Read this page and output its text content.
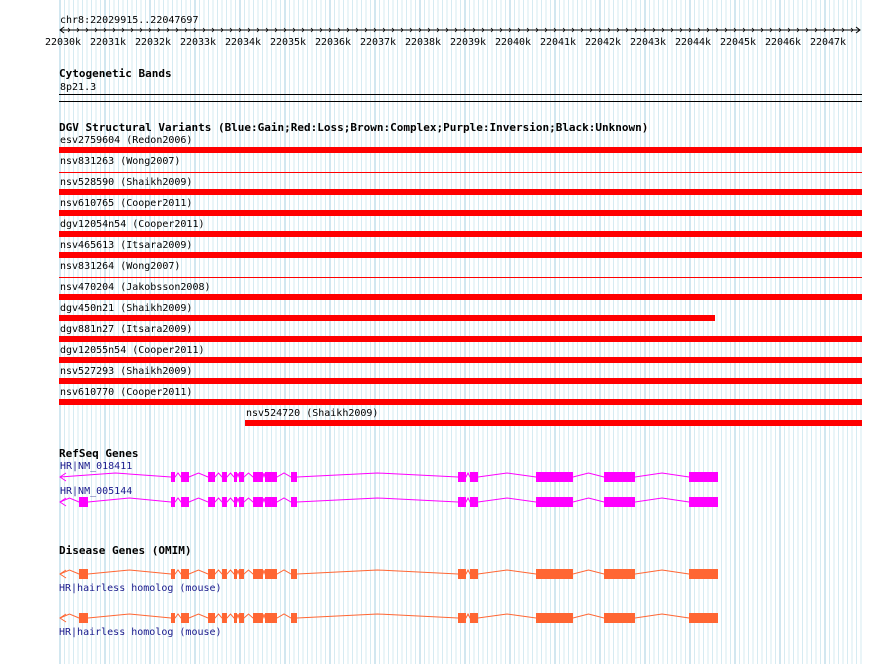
chr8:22029915..22047697
22030k 22031k 22032k 22033k 22034k 22035k 22036k 22037k 22038k 22039k 22040k 22041k 22042k 22043k 22044k 22045k 22046k 22047k
Cytogenetic Bands
8p21.3
DGV Structural Variants (Blue:Gain;Red:Loss;Brown:Complex;Purple:Inversion;Black:Unknown)
esv2759604 (Redon2006)
nsv831263 (Wong2007)
nsv528590 (Shaikh2009)
nsv610765 (Cooper2011)
dgv12054n54 (Cooper2011)
nsv465613 (Itsara2009)
nsv831264 (Wong2007)
nsv470204 (Jakobsson2008)
dgv450n21 (Shaikh2009)
dgv881n27 (Itsara2009)
dgv12055n54 (Cooper2011)
nsv527293 (Shaikh2009)
nsv610770 (Cooper2011)
nsv524720 (Shaikh2009)
RefSeq Genes
HR|NM_018411
HR|NM_005144
Disease Genes (OMIM)
HR|hairless homolog (mouse)
HR|hairless homolog (mouse)
